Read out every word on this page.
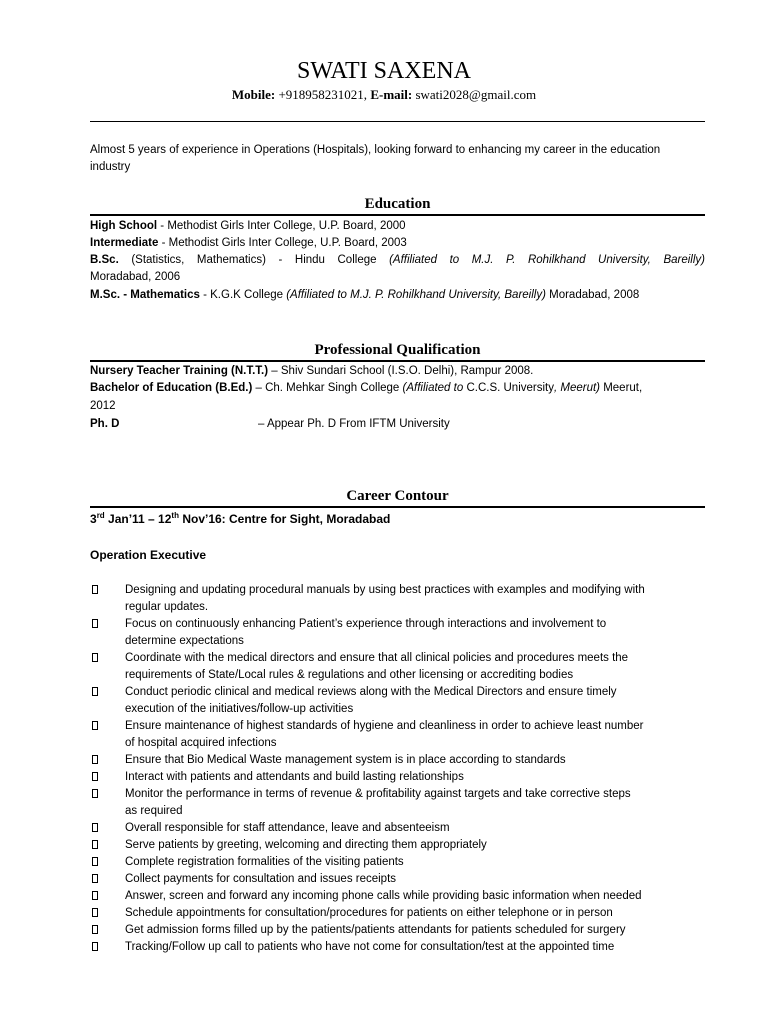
SWATI SAXENA
Mobile: +918958231021, E-mail: swati2028@gmail.com
Almost 5 years of experience in Operations (Hospitals), looking forward to enhancing my career in the education industry
Education
High School - Methodist Girls Inter College, U.P. Board, 2000
Intermediate - Methodist Girls Inter College, U.P. Board, 2003
B.Sc. (Statistics, Mathematics) - Hindu College (Affiliated to M.J. P. Rohilkhand University, Bareilly)
Moradabad, 2006
M.Sc. - Mathematics - K.G.K College (Affiliated to M.J. P. Rohilkhand University, Bareilly) Moradabad, 2008
Professional Qualification
Nursery Teacher Training (N.T.T.) – Shiv Sundari School (I.S.O. Delhi), Rampur 2008.
Bachelor of Education (B.Ed.) – Ch. Mehkar Singh College (Affiliated to C.C.S. University, Meerut) Meerut,
2012
Ph. D	– Appear Ph. D From IFTM University
Career Contour
3rd Jan’11 – 12th Nov’16: Centre for Sight, Moradabad
Operation Executive
Designing and updating procedural manuals by using best practices with examples and modifying with
regular updates.
Focus on continuously enhancing Patient’s experience through interactions and involvement to
determine expectations
Coordinate with the medical directors and ensure that all clinical policies and procedures meets the
requirements of State/Local rules & regulations and other licensing or accrediting bodies
Conduct periodic clinical and medical reviews along with the Medical Directors and ensure timely
execution of the initiatives/follow-up activities
Ensure maintenance of highest standards of hygiene and cleanliness in order to achieve least number
of hospital acquired infections
Ensure that Bio Medical Waste management system is in place according to standards
Interact with patients and attendants and build lasting relationships
Monitor the performance in terms of revenue & profitability against targets and take corrective steps
as required
Overall responsible for staff attendance, leave and absenteeism
Serve patients by greeting, welcoming and directing them appropriately
Complete registration formalities of the visiting patients
Collect payments for consultation and issues receipts
Answer, screen and forward any incoming phone calls while providing basic information when needed
Schedule appointments for consultation/procedures for patients on either telephone or in person
Get admission forms filled up by the patients/patients attendants for patients scheduled for surgery
Tracking/Follow up call to patients who have not come for consultation/test at the appointed time
